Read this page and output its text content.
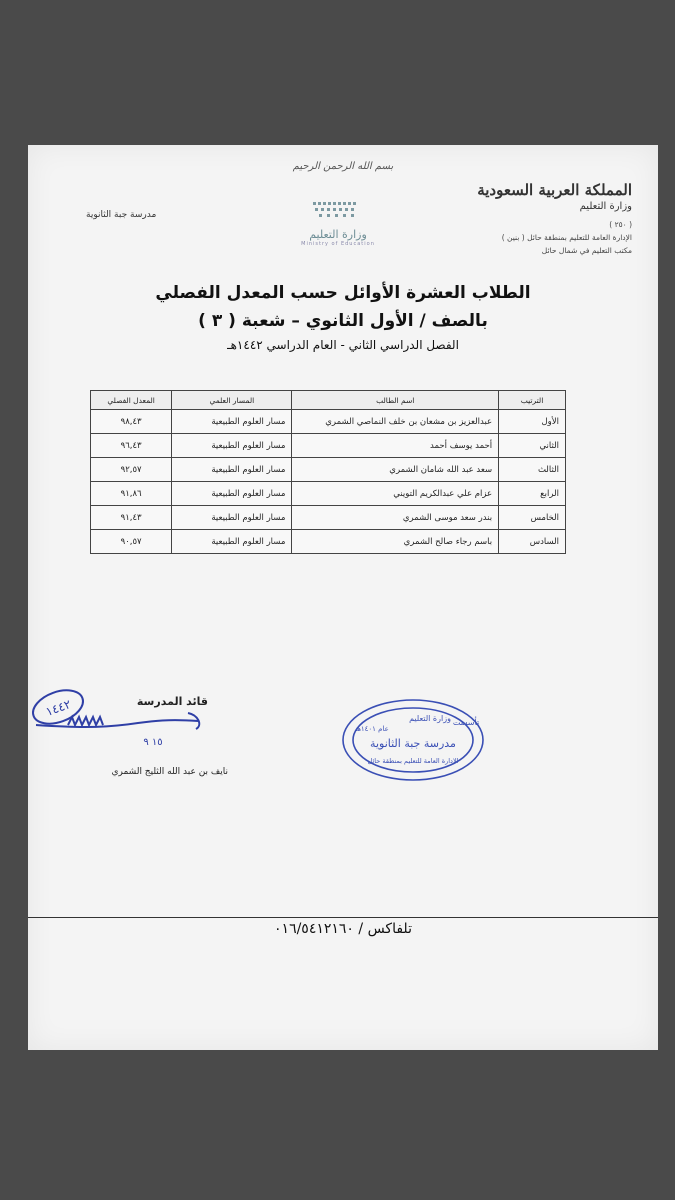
بسم الله الرحمن الرحيم
المملكة العربية السعودية
وزارة التعليم
( ٢٥٠ )
الإدارة العامة للتعليم بمنطقة حائل ( بنين )
مكتب التعليم في شمال حائل
وزارة التعليم
Ministry of Education
مدرسة جبة الثانوية
الطلاب العشرة الأوائل حسب المعدل الفصلي
بالصف / الأول الثانوي – شعبة ( ٣ )
الفصل الدراسي الثاني - العام الدراسي ١٤٤٢هـ
الترتيب	اسم الطالب	المسار العلمي	المعدل الفصلي
الأول	عبدالعزيز بن مشعان بن خلف النماصي الشمري	مسار العلوم الطبيعية	٩٨,٤٣
الثاني	أحمد يوسف أحمد	مسار العلوم الطبيعية	٩٦,٤٣
الثالث	سعد عبد الله شامان الشمري	مسار العلوم الطبيعية	٩٢,٥٧
الرابع	عزام علي عبدالكريم التويني	مسار العلوم الطبيعية	٩١,٨٦
الخامس	بندر سعد موسى الشمري	مسار العلوم الطبيعية	٩١,٤٣
السادس	باسم رجاء صالح الشمري	مسار العلوم الطبيعية	٩٠,٥٧
قائد المدرسة
١٤٤٢
١٥ ٩
نايف بن عبد الله الثليج الشمري
وزارة التعليم تأسست
عام ١٤٠١هـ
مدرسة جبة الثانوية
الإدارة العامة للتعليم بمنطقة حائل
تلفاكس / ٠١٦/٥٤١٢١٦٠
